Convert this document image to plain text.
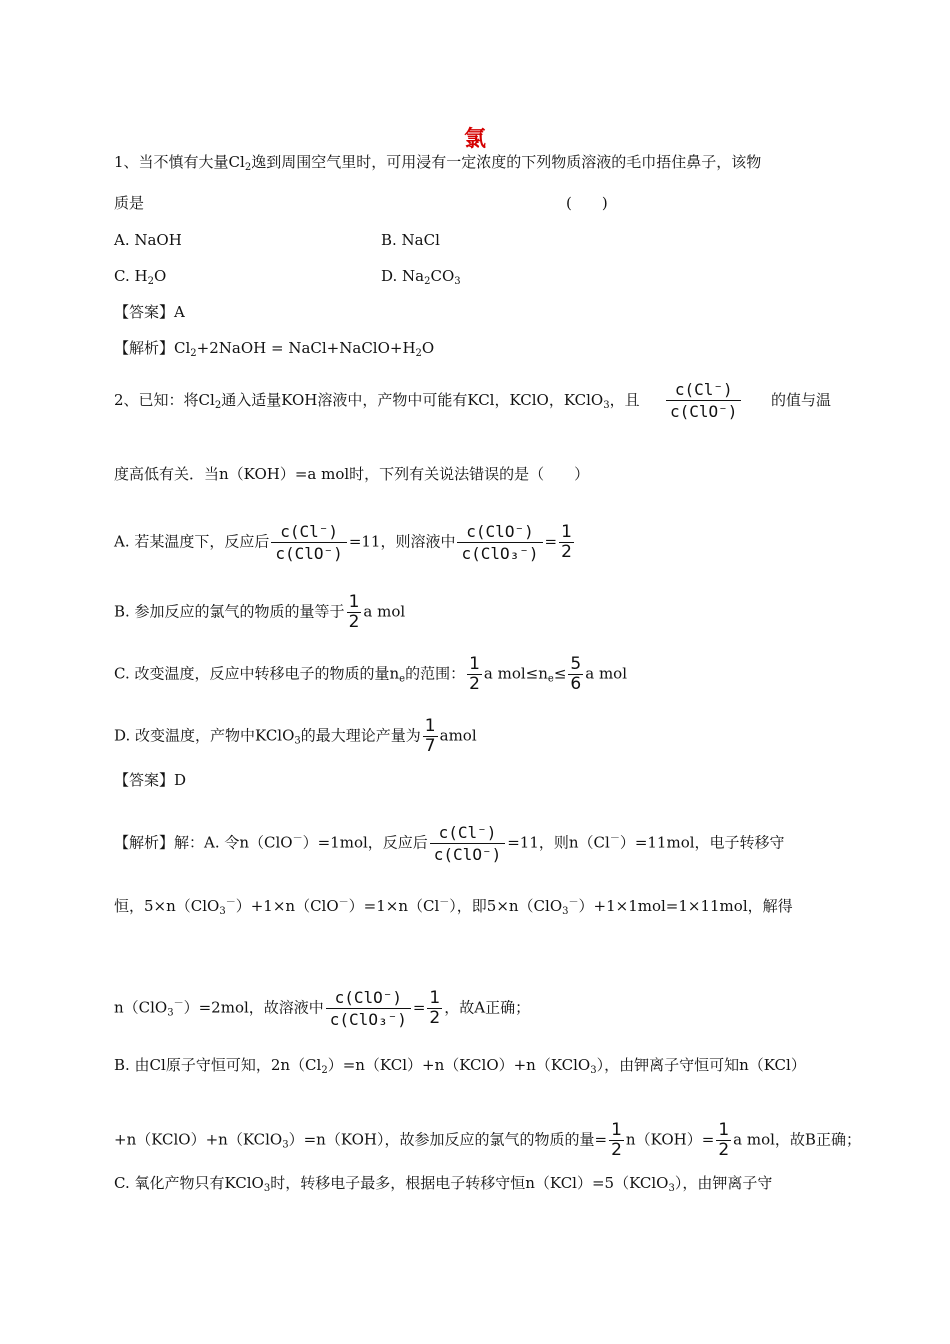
氯
1、当不慎有大量$Cl_2$逸到周围空气里时，可用浸有一定浓度的下列物质溶液的毛巾捂住鼻子，该物
质是	(　　)
A. NaOH	B. NaCl
C. $H_2O$	D. $Na_2CO_3$
【答案】A
【解析】$Cl_2+2NaOH$ = $NaCl+NaClO+H_2O$
2、已知：将$Cl_2$通入适量KOH溶液中，产物中可能有KCl，KClO，KClO$_3$，且 $\frac{c(Cl^-)}{\text{c(ClO⁻)}}$ 的值与温
度高低有关．当n（KOH）=a mol时，下列有关说法错误的是（　　）
A. 若某温度下，反应后 $\frac{c(Cl^-)}{\text{c(ClO⁻)}} =11$，则溶液中 $\frac{\text{c(ClO⁻)}}{\text{c(ClO₃⁻)}} = \frac{1}{2}$
B. 参加反应的氯气的物质的量等于 $\frac{1}{2}$ a mol
C. 改变温度，反应中转移电子的物质的量$n_e$的范围： $\frac{1}{2}$ a $mol\le n_e\le \frac{5}{6}$ a mol
D. 改变温度，产物中KClO$_3$的最大理论产量为 $\frac{1}{7}$ amol
【答案】D
【解析】解：A. 令n（ClO－）=1mol，反应后 $\frac{c(Cl^-)}{\text{c(ClO⁻)}} =11$，则n（Cl－）=11mol，电子转移守
恒，5×n（ClO$_3$－）+1×n（ClO－）=1×n（Cl－），即5×n（ClO$_3$－）+1×1mol=1×11mol，解得
n（ClO$_3$－）=2mol，故溶液中 $\frac{\text{c(ClO⁻)}}{\text{c(ClO₃⁻)}} = \frac{1}{2}$ ，故A正确；
B. 由Cl原子守恒可知，$2n(Cl_2)=n(KCl)+n(KClO)+n(KClO_3)$，由钾离子守恒可知n（KCl）
+n（KClO）+n（KClO$_3$）=n（KOH），故参加反应的氯气的物质的量= $\frac{1}{2} n(KOH)= \frac{1}{2}$ a mol，故B正确；
C. 氧化产物只有KClO$_3$时，转移电子最多，根据电子转移守恒n（KCl）=5（KClO$_3$），由钾离子守
